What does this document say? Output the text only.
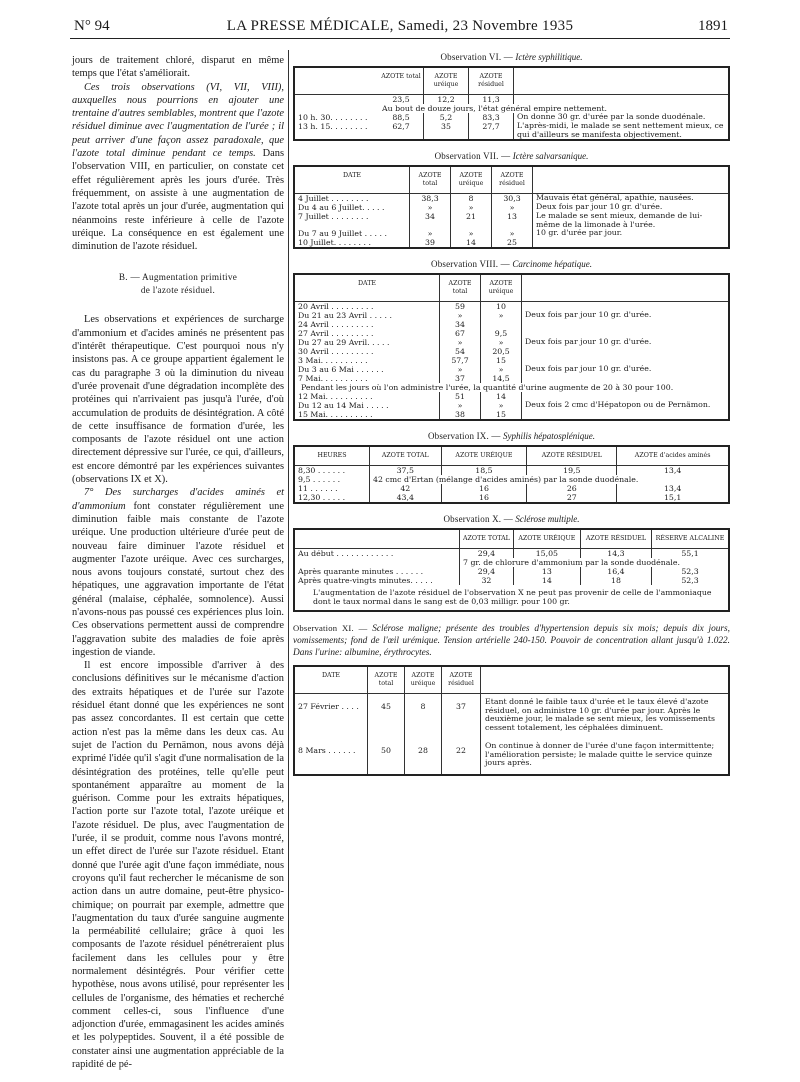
N° 94	LA PRESSE MÉDICALE, Samedi, 23 Novembre 1935	1891

jours de traitement chloré, disparut en même temps que l'état s'améliorait.

Ces trois observations (VI, VII, VIII), auxquelles nous pourrions en ajouter une trentaine d'autres semblables, montrent que l'azote résiduel diminue avec l'augmentation de l'urée ; il peut arriver d'une façon assez paradoxale, que l'azote total diminue pendant ce temps. Dans l'observation VIII, en particulier, on constate cet effet régulièrement après les jours d'urée. Très fréquemment, on assiste à une augmentation de l'azote total après un jour d'urée, augmentation qui néanmoins reste inférieure à celle de l'azote uréique. La conséquence en est également une diminution de l'azote résiduel.

B. — Augmentation primitive
de l'azote résiduel.

Les observations et expériences de surcharge d'ammonium et d'acides aminés ne présentent pas d'intérêt thérapeutique. C'est pourquoi nous n'y insistons pas. A ce groupe appartient également le cas du paragraphe 3 où la diminution du niveau d'urée provenait d'une dégradation incomplète des protéines qui n'arrivaient pas jusqu'à l'urée, d'où accumulation de produits de désintégration. A côté de cette insuffisance de formation d'urée, les composants de l'azote résiduel ont une action directement dépressive sur l'urée, ce qui, d'ailleurs, est encore démontré par les expériences suivantes (observations IX et X).

7° Des surcharges d'acides aminés et d'ammonium font constater régulièrement une diminution faible mais constante de l'azote uréique. Une production ultérieure d'urée peut de nouveau faire diminuer l'azote résiduel et augmenter l'azote uréique. Avec ces surcharges, nous avons toujours constaté, surtout chez des hépatiques, une aggravation importante de l'état général (malaise, céphalée, somnolence). Aussi n'avons-nous pas poussé ces expériences plus loin. Ces observations permettent aussi de comprendre l'aggravation subite des maladies de foie après ingestion de viande.

Il est encore impossible d'arriver à des conclusions définitives sur le mécanisme d'action des extraits hépatiques et de l'urée sur l'azote résiduel étant donné que les expériences ne sont pas assez concordantes. Il est certain que cette action n'est pas la même dans les deux cas. Au sujet de l'action du Pernämon, nous avons déjà exprimé l'idée qu'il s'agit d'une normalisation de la désintégration des protéines, telle qu'elle peut spontanément apparaître au moment de la guérison. Comme pour les extraits hépatiques, l'action porte sur l'azote total, l'azote uréique et l'azote résiduel. De plus, avec l'augmentation de l'urée, il se produit, comme nous l'avons montré, un effet direct de l'urée sur l'azote résiduel. Etant donné que l'urée agit d'une façon immédiate, nous croyons qu'il faut rechercher le mécanisme de son action dans un autre domaine, peut-être physico-chimique; on pourrait par exemple, admettre que l'augmentation du taux d'urée sanguine augmente la perméabilité cellulaire; grâce à quoi les composants de l'azote résiduel pénétreraient plus facilement dans les cellules pour y être normalement désintégrés. Pour vérifier cette hypothèse, nous avons utilisé, pour représenter les cellules de l'organisme, des hématies et recherché comment celles-ci, sous l'influence d'une adjonction d'urée, emmagasinent les acides aminés et les polypeptides. Souvent, il a été possible de constater ainsi une augmentation appréciable de la rapidité de pé-

Observation VI. — Ictère syphilitique.
	AZOTE total	AZOTE uréique	AZOTE résiduel	
	23,5	12,2	11,3	
	Au bout de douze jours, l'état général empire nettement.			
10 h. 30. . . . . . . .	88,5	5,2	83,3	On donne 30 gr. d'urée par la sonde duodénale.
13 h. 15. . . . . . . .	62,7	35	27,7	L'après-midi, le malade se sent nettement mieux, ce qui d'ailleurs se manifesta objectivement.
Observation VII. — Ictère salvarsanique.
DATE	AZOTE total	AZOTE uréique	AZOTE résiduel	
4 Juillet . . . . . . . .	38,3	8	30,3	Mauvais état général, apathie, nausées.
Du 4 au 6 Juillet. . . . .	»	»	»	Deux fois par jour 10 gr. d'urée.
7 Juillet . . . . . . . .	34	21	13	Le malade se sent mieux, demande de lui-même de la limonade à l'urée.
Du 7 au 9 Juillet . . . . .	»	»	»	10 gr. d'urée par jour.
10 Juillet. . . . . . . .	39	14	25	
Observation VIII. — Carcinome hépatique.
DATE	AZOTE total	AZOTE uréique	
20 Avril . . . . . . . . .	59	10	
Du 21 au 23 Avril . . . . .	»	»	Deux fois par jour 10 gr. d'urée.
24 Avril . . . . . . . . .	34		
27 Avril . . . . . . . . .	67	9,5	
Du 27 au 29 Avril. . . . .	»	»	Deux fois par jour 10 gr. d'urée.
30 Avril . . . . . . . . .	54	20,5	
3 Mai. . . . . . . . . .	57,7	15	
Du 3 au 6 Mai . . . . . .	»	»	Deux fois par jour 10 gr. d'urée.
7 Mai. . . . . . . . . .	37	14,5	
Pendant les jours où l'on administre l'urée, la quantité d'urine augmente de 20 à 30 pour 100.			
12 Mai. . . . . . . . . .	51	14	
Du 12 au 14 Mai . . . . .	»	»	Deux fois 2 cmc d'Hépatopon ou de Pernämon.
15 Mai. . . . . . . . . .	38	15	
Observation IX. — Syphilis hépatosplénique.
HEURES	AZOTE TOTAL	AZOTE URÉIQUE	AZOTE RÉSIDUEL	AZOTE d'acides aminés
8,30 . . . . . .	37,5	18,5	19,5	13,4
9,5 . . . . . .	42 cmc d'Ertan (mélange d'acides aminés) par la sonde duodénale.			
11 . . . . . .	42	16	26	13,4
12,30 . . . . .	43,4	16	27	15,1
Observation X. — Sclérose multiple.
	AZOTE TOTAL	AZOTE URÉIQUE	AZOTE RÉSIDUEL	RÉSERVE ALCALINE
Au début . . . . . . . . . . . .	29,4	15,05	14,3	55,1
	7 gr. de chlorure d'ammonium par la sonde duodénale.			
Après quarante minutes . . . . . .	29,4	13	16,4	52,3
Après quatre-vingts minutes. . . . .	32	14	18	52,3
L'augmentation de l'azote résiduel de l'observation X ne peut pas provenir de celle de l'ammoniaque dont le taux normal dans le sang est de 0,03 milligr. pour 100 gr.				
Observation XI. — Sclérose maligne; présente des troubles d'hypertension depuis six mois; depuis dix jours, vomissements; fond de l'œil urémique. Tension artérielle 240-150. Pouvoir de concentration allant jusqu'à 1.022. Dans l'urine: albumine, érythrocytes.
DATE	AZOTE total	AZOTE uréique	AZOTE résiduel	
27 Février . . . .	45	8	37	Etant donné le faible taux d'urée et le taux élevé d'azote résiduel, on administre 10 gr. d'urée par jour. Après le deuxième jour, le malade se sent mieux, les vomissements cessent totalement, les céphalées diminuent.
8 Mars . . . . . .	50	28	22	On continue à donner de l'urée d'une façon intermittente; l'amélioration persiste; le malade quitte le service quinze jours après.
